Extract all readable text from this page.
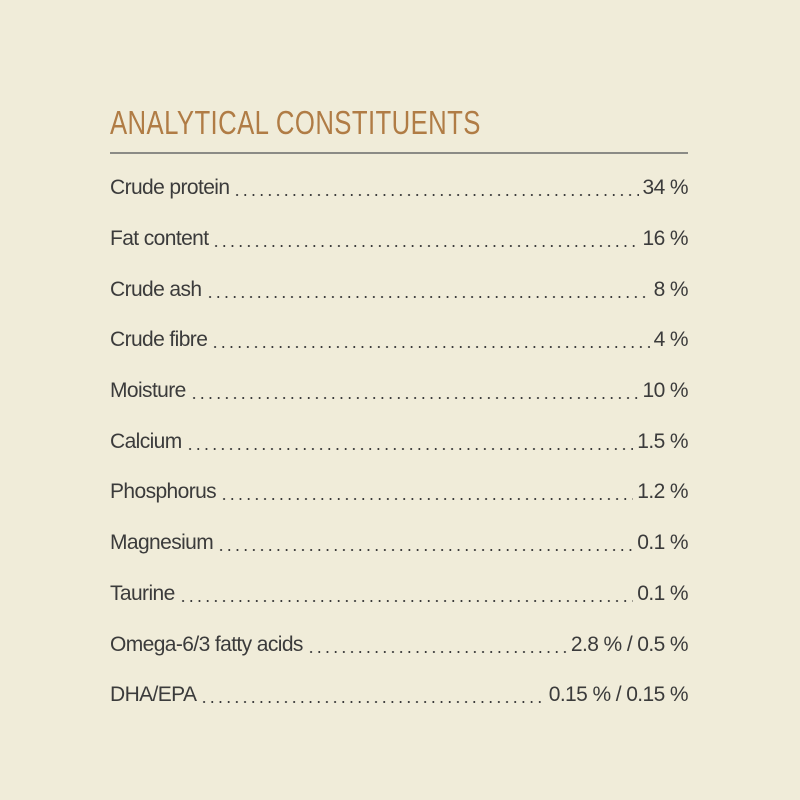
ANALYTICAL CONSTITUENTS
Crude protein	34 %
Fat content	16 %
Crude ash	8 %
Crude fibre	4 %
Moisture	10 %
Calcium	1.5 %
Phosphorus	1.2 %
Magnesium	0.1 %
Taurine	0.1 %
Omega-6/3 fatty acids	2.8 % / 0.5 %
DHA/EPA	0.15 % / 0.15 %
